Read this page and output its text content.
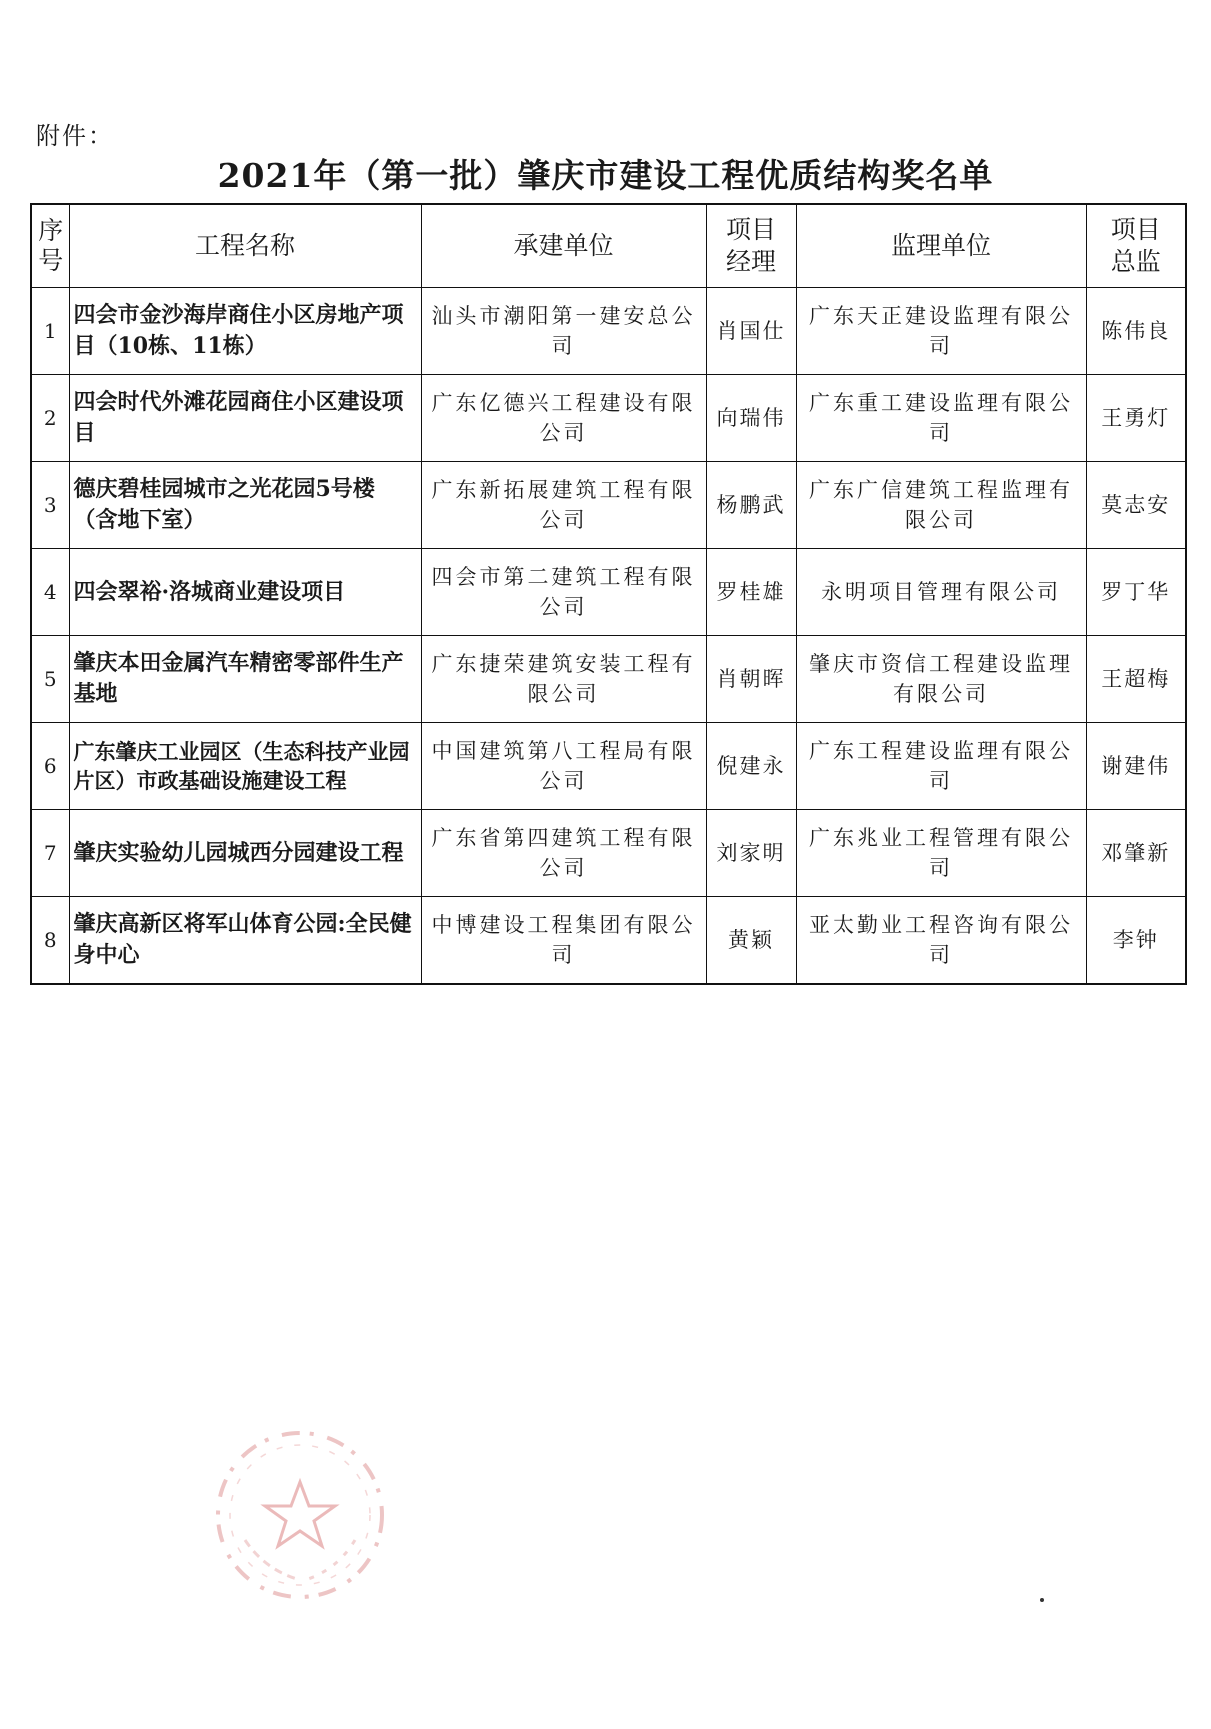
附件：
2021年（第一批）肇庆市建设工程优质结构奖名单
序号	工程名称	承建单位	项目经理	监理单位	项目总监

1	四会市金沙海岸商住小区房地产项目（10栋、11栋）	汕头市潮阳第一建安总公司	肖国仕	广东天正建设监理有限公司	陈伟良
2	四会时代外滩花园商住小区建设项目	广东亿德兴工程建设有限公司	向瑞伟	广东重工建设监理有限公司	王勇灯
3	德庆碧桂园城市之光花园5号楼（含地下室）	广东新拓展建筑工程有限公司	杨鹏武	广东广信建筑工程监理有限公司	莫志安
4	四会翠裕·洛城商业建设项目	四会市第二建筑工程有限公司	罗桂雄	永明项目管理有限公司	罗丁华
5	肇庆本田金属汽车精密零部件生产基地	广东捷荣建筑安装工程有限公司	肖朝晖	肇庆市资信工程建设监理有限公司	王超梅
6	广东肇庆工业园区（生态科技产业园片区）市政基础设施建设工程	中国建筑第八工程局有限公司	倪建永	广东工程建设监理有限公司	谢建伟
7	肇庆实验幼儿园城西分园建设工程	广东省第四建筑工程有限公司	刘家明	广东兆业工程管理有限公司	邓肇新
8	肇庆高新区将军山体育公园:全民健身中心	中博建设工程集团有限公司	黄颖	亚太勤业工程咨询有限公司	李钟
